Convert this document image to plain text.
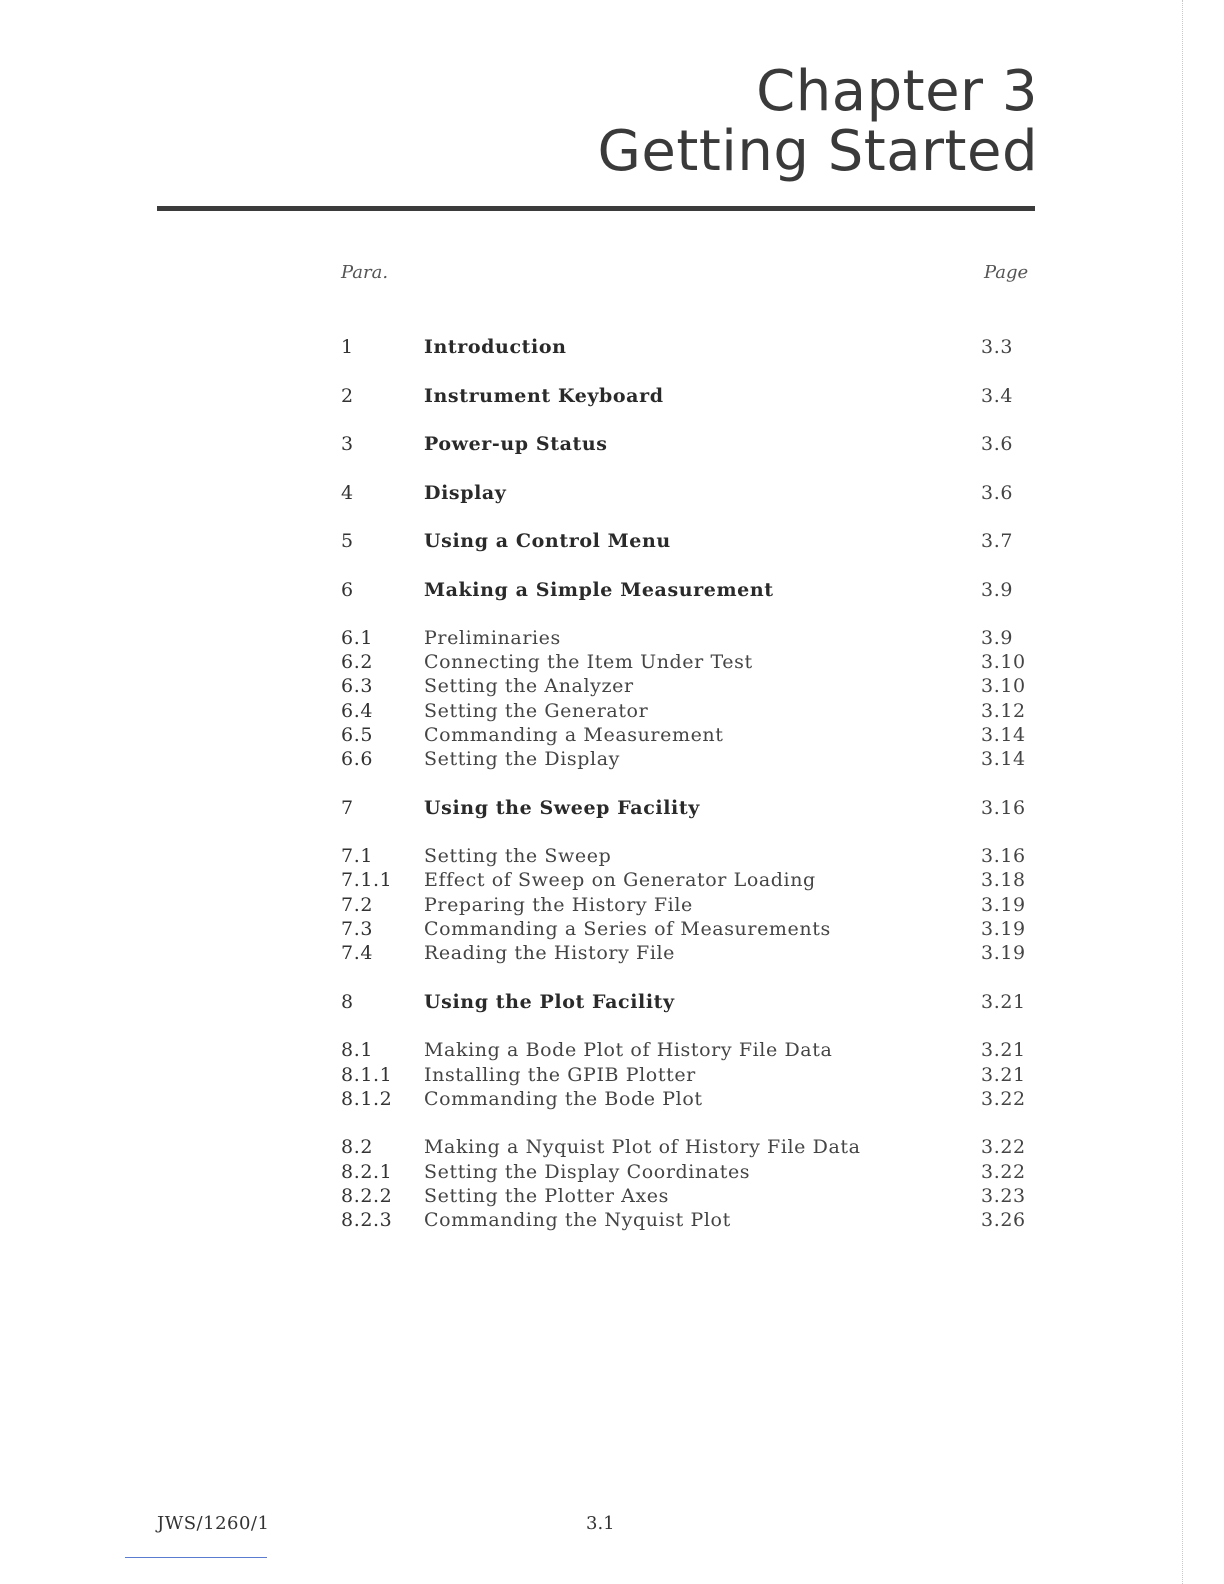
Chapter 3
Getting Started
Para.	Page
1	Introduction	3.3
2	Instrument Keyboard	3.4
3	Power-up Status	3.6
4	Display	3.6
5	Using a Control Menu	3.7
6	Making a Simple Measurement	3.9
6.1	Preliminaries	3.9
6.2	Connecting the Item Under Test	3.10
6.3	Setting the Analyzer	3.10
6.4	Setting the Generator	3.12
6.5	Commanding a Measurement	3.14
6.6	Setting the Display	3.14
7	Using the Sweep Facility	3.16
7.1	Setting the Sweep	3.16
7.1.1 Effect of Sweep on Generator Loading	3.18
7.2	Preparing the History File	3.19
7.3	Commanding a Series of Measurements	3.19
7.4	Reading the History File	3.19
8	Using the Plot Facility	3.21
8.1	Making a Bode Plot of History File Data	3.21
8.1.1 Installing the GPIB Plotter	3.21
8.1.2 Commanding the Bode Plot	3.22
8.2	Making a Nyquist Plot of History File Data	3.22
8.2.1 Setting the Display Coordinates	3.22
8.2.2 Setting the Plotter Axes	3.23
8.2.3 Commanding the Nyquist Plot	3.26
JWS/1260/1	3.1
